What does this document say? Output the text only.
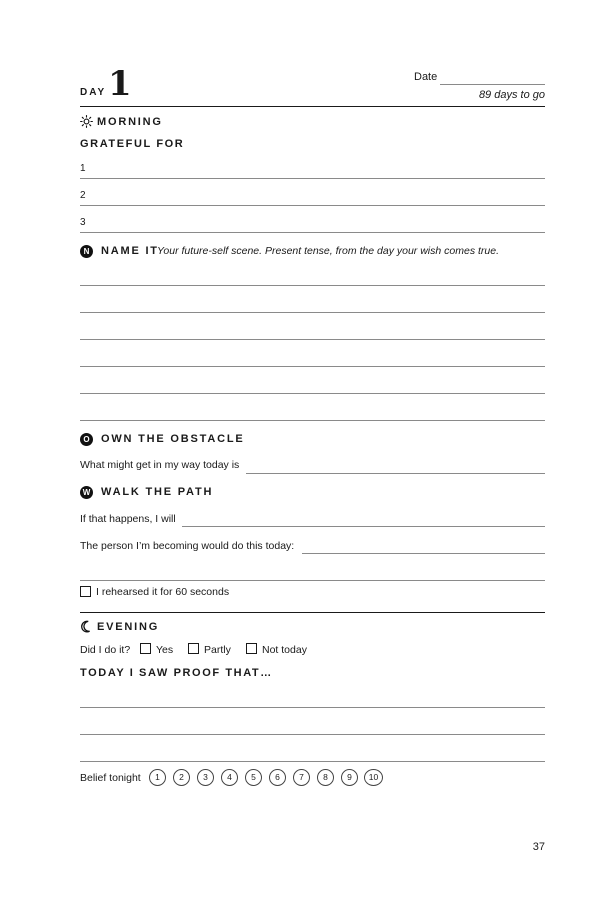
DAY 1	Date
89 days to go
MORNING
GRATEFUL FOR
1
2
3
N	NAME IT
Your future-self scene. Present tense, from the day your wish comes true.
O	OWN THE OBSTACLE
What might get in my way today is
W WALK THE PATH
If that happens, I will
The person I’m becoming would do this today:
I rehearsed it for 60 seconds
EVENING
Did I do it? Yes	Partly	Not today
TODAY I SAW PROOF THAT…
Belief tonight	1	2	3	4	5	6	7	8	9	10
37
